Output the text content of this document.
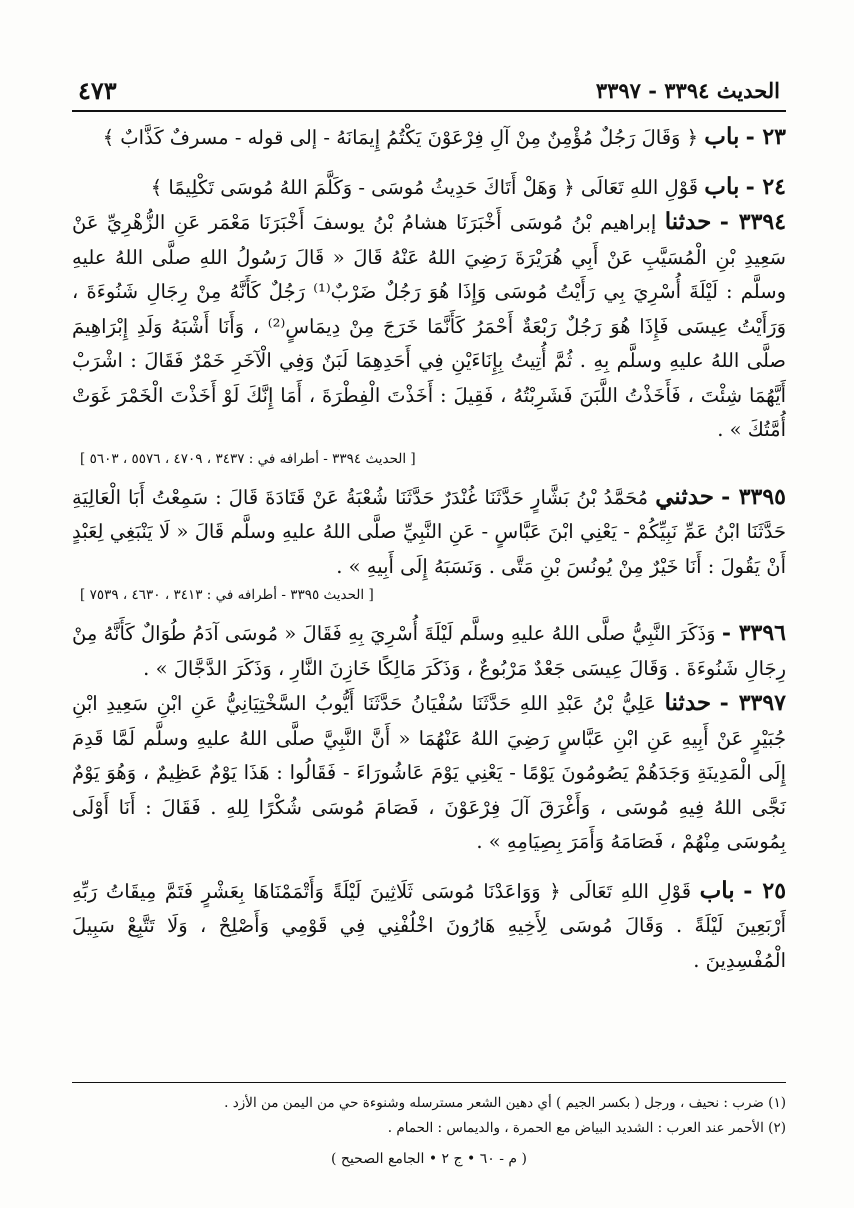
الحديث ٣٣٩٤ - ٣٣٩٧
٤٧٣
٢٣ - باب ﴿ وَقَالَ رَجُلٌ مُؤْمِنٌ مِنْ آلِ فِرْعَوْنَ يَكْتُمُ إِيمَانَهُ - إلى قوله - مسرفٌ كَذَّابٌ ﴾
٢٤ - باب قَوْلِ اللهِ تَعَالَى ﴿ وَهَلْ أَتَاكَ حَدِيثُ مُوسَى - وَكَلَّمَ اللهُ مُوسَى تَكْلِيمًا ﴾
٣٣٩٤ - حدثنا إبراهيم بْنُ مُوسَى أَخْبَرَنَا هشامُ بْنُ يوسفَ أَخْبَرَنَا مَعْمَر عَنِ الزُّهْرِيِّ عَنْ سَعِيدِ بْنِ الْمُسَيَّبِ عَنْ أَبِي هُرَيْرَةَ رَضِيَ اللهُ عَنْهُ قَالَ « قَالَ رَسُولُ اللهِ صلَّى اللهُ عليهِ وسلَّم : لَيْلَةَ أُسْرِيَ بِي رَأَيْتُ مُوسَى وَإِذَا هُوَ رَجُلٌ ضَرْبٌ⁽¹⁾ رَجُلٌ كَأَنَّهُ مِنْ رِجَالِ شَنُوءَةَ ، وَرَأَيْتُ عِيسَى فَإِذَا هُوَ رَجُلٌ رَبْعَةٌ أَحْمَرُ كَأَنَّمَا خَرَجَ مِنْ دِيمَاسٍ⁽²⁾ ، وَأَنَا أَشْبَهُ وَلَدِ إِبْرَاهِيمَ صلَّى اللهُ عليهِ وسلَّم بِهِ . ثُمَّ أُتِيتُ بِإِنَاءَيْنِ فِي أَحَدِهِمَا لَبَنٌ وَفِي الْآخَرِ خَمْرٌ فَقَالَ : اشْرَبْ أَيَّهُمَا شِئْتَ ، فَأَخَذْتُ اللَّبَنَ فَشَرِبْتُهُ ، فَقِيلَ : أَخَذْتَ الْفِطْرَةَ ، أَمَا إِنَّكَ لَوْ أَخَذْتَ الْخَمْرَ غَوَتْ أُمَّتُكَ » .
[ الحديث ٣٣٩٤ - أطرافه في : ٣٤٣٧ ، ٤٧٠٩ ، ٥٥٧٦ ، ٥٦٠٣ ]
٣٣٩٥ - حدثني مُحَمَّدُ بْنُ بَشَّارٍ حَدَّثَنَا غُنْدَرٌ حَدَّثَنَا شُعْبَةُ عَنْ قَتَادَةَ قَالَ : سَمِعْتُ أَبَا الْعَالِيَةِ حَدَّثَنَا ابْنُ عَمِّ نَبِيِّكُمْ - يَعْنِي ابْنَ عَبَّاسٍ - عَنِ النَّبِيِّ صلَّى اللهُ عليهِ وسلَّم قَالَ « لَا يَنْبَغِي لِعَبْدٍ أَنْ يَقُولَ : أَنَا خَيْرٌ مِنْ يُونُسَ بْنِ مَتَّى . وَنَسَبَهُ إِلَى أَبِيهِ » .
[ الحديث ٣٣٩٥ - أطرافه في : ٣٤١٣ ، ٤٦٣٠ ، ٧٥٣٩ ]
٣٣٩٦ - وَذَكَرَ النَّبِيُّ صلَّى اللهُ عليهِ وسلَّم لَيْلَةَ أُسْرِيَ بِهِ فَقَالَ « مُوسَى آدَمُ طُوَالٌ كَأَنَّهُ مِنْ رِجَالِ شَنُوءَةَ . وَقَالَ عِيسَى جَعْدٌ مَرْبُوعٌ ، وَذَكَرَ مَالِكًا خَازِنَ النَّارِ ، وَذَكَرَ الدَّجَّالَ » .
٣٣٩٧ - حدثنا عَلِيُّ بْنُ عَبْدِ اللهِ حَدَّثَنَا سُفْيَانُ حَدَّثَنَا أَيُّوبُ السَّخْتِيَانِيُّ عَنِ ابْنِ سَعِيدِ ابْنِ جُبَيْرٍ عَنْ أَبِيهِ عَنِ ابْنِ عَبَّاسٍ رَضِيَ اللهُ عَنْهُمَا « أَنَّ النَّبِيَّ صلَّى اللهُ عليهِ وسلَّم لَمَّا قَدِمَ إِلَى الْمَدِينَةِ وَجَدَهُمْ يَصُومُونَ يَوْمًا - يَعْنِي يَوْمَ عَاشُورَاءَ - فَقَالُوا : هَذَا يَوْمٌ عَظِيمٌ ، وَهُوَ يَوْمٌ نَجَّى اللهُ فِيهِ مُوسَى ، وَأَغْرَقَ آلَ فِرْعَوْنَ ، فَصَامَ مُوسَى شُكْرًا لِلهِ . فَقَالَ : أَنَا أَوْلَى بِمُوسَى مِنْهُمْ ، فَصَامَهُ وَأَمَرَ بِصِيَامِهِ » .
٢٥ - باب قَوْلِ اللهِ تَعَالَى ﴿ وَوَاعَدْنَا مُوسَى ثَلَاثِينَ لَيْلَةً وَأَتْمَمْنَاهَا بِعَشْرٍ فَتَمَّ مِيقَاتُ رَبِّهِ أَرْبَعِينَ لَيْلَةً . وَقَالَ مُوسَى لِأَخِيهِ هَارُونَ اخْلُفْنِي فِي قَوْمِي وَأَصْلِحْ ، وَلَا تَتَّبِعْ سَبِيلَ الْمُفْسِدِينَ .
(١) ضرب : نحيف ، ورجل ( بكسر الجيم ) أي دهين الشعر مسترسله وشنوءة حي من اليمن من الأزد .
(٢) الأحمر عند العرب : الشديد البياض مع الحمرة ، والديماس : الحمام .
( م - ٦٠ • ج ٢ • الجامع الصحيح )
